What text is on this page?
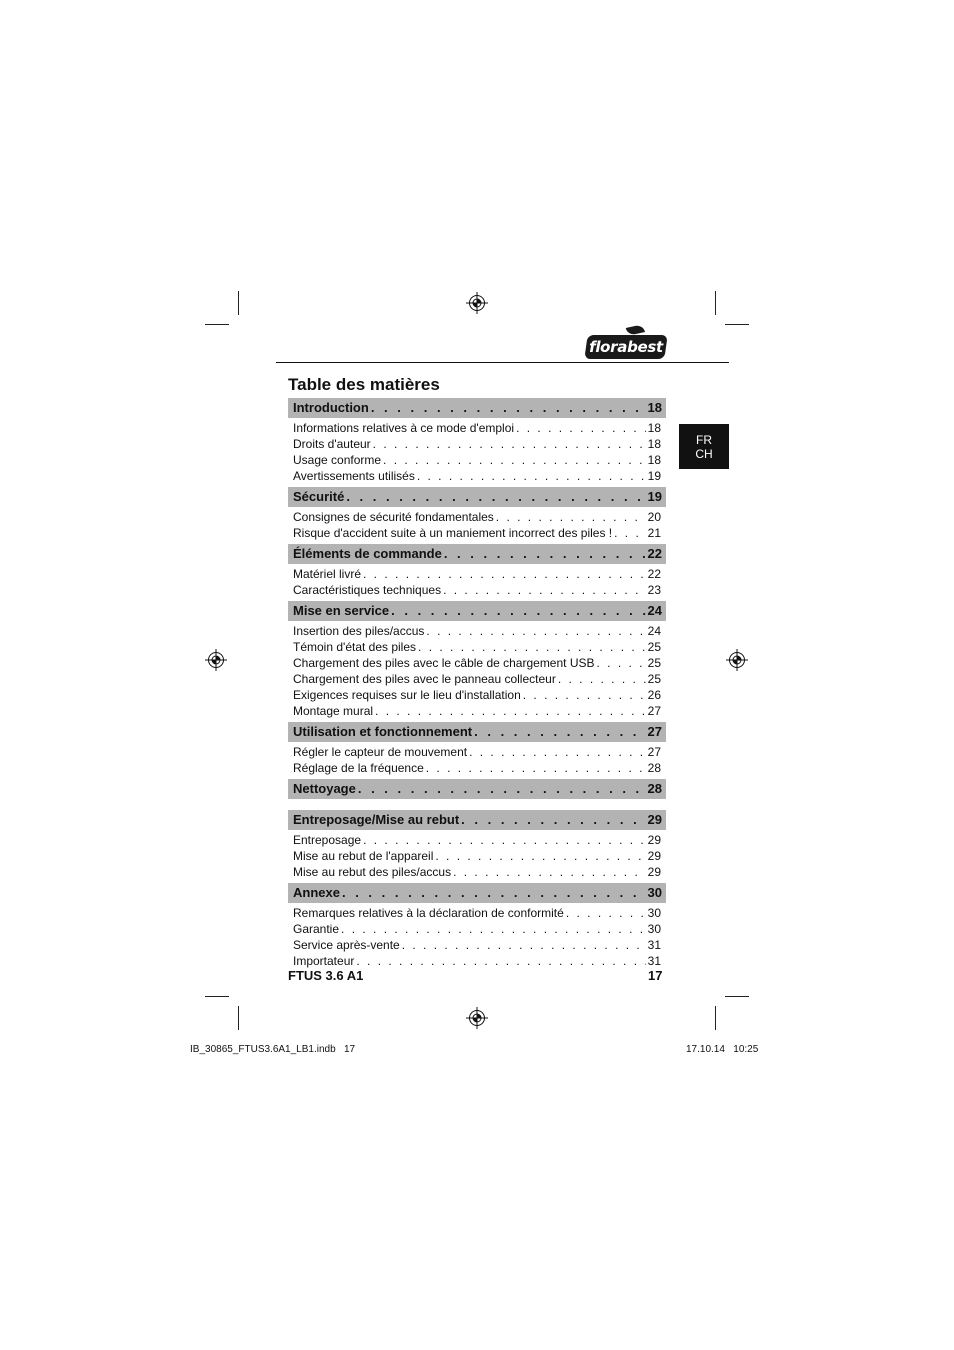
florabest
FR
CH
Table des matières
Introduction . . .	18
Informations relatives à ce mode d'emploi . . .	18
Droits d'auteur . . .	18
Usage conforme . . .	18
Avertissements utilisés . . .	19
Sécurité . . .	19
Consignes de sécurité fondamentales . . .	20
Risque d'accident suite à un maniement incorrect des piles ! . . .	21
Éléments de commande . . .	22
Matériel livré . . .	22
Caractéristiques techniques . . .	23
Mise en service . . .	24
Insertion des piles/accus . . .	24
Témoin d'état des piles . . .	25
Chargement des piles avec le câble de chargement USB . . .	25
Chargement des piles avec le panneau collecteur . . .	25
Exigences requises sur le lieu d'installation . . .	26
Montage mural . . .	27
Utilisation et fonctionnement . . .	27
Régler le capteur de mouvement . . .	27
Réglage de la fréquence . . .	28
Nettoyage . . .	28
Entreposage/Mise au rebut . . .	29
Entreposage . . .	29
Mise au rebut de l'appareil . . .	29
Mise au rebut des piles/accus . . .	29
Annexe . . .	30
Remarques relatives à la déclaration de conformité . . .	30
Garantie . . .	30
Service après-vente . . .	31
Importateur . . .	31
FTUS 3.6 A1	17
IB_30865_FTUS3.6A1_LB1.indb   17	17.10.14   10:25
